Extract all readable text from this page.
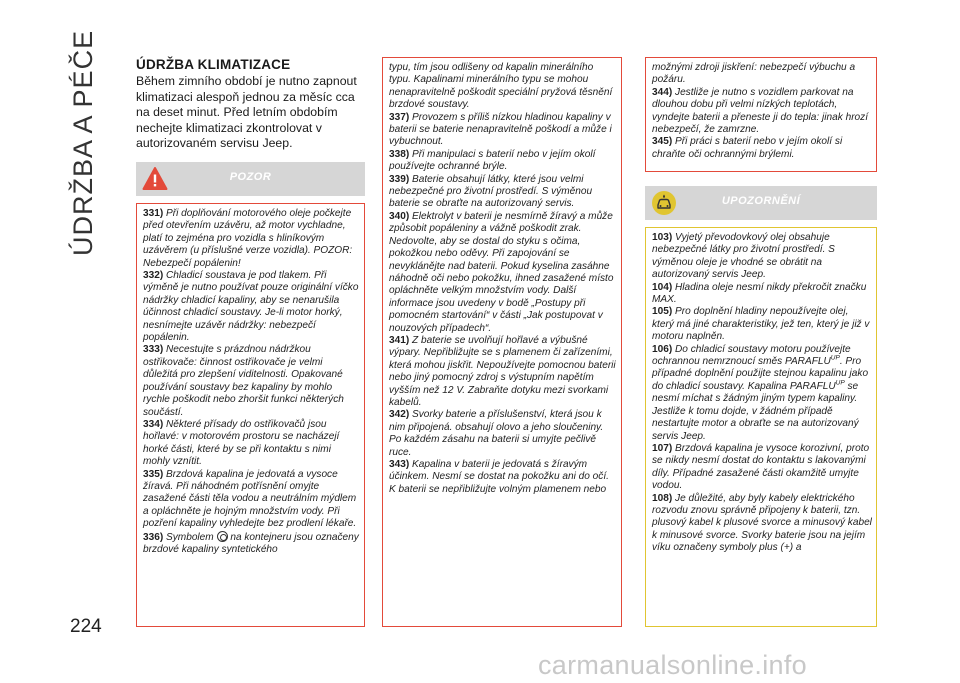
ÚDRŽBA A PÉČE
224
carmanualsonline.info
ÚDRŽBA KLIMATIZACE
Během zimního období je nutno zapnout klimatizaci alespoň jednou za měsíc cca na deset minut. Před letním obdobím nechejte klimatizaci zkontrolovat v autorizovaném servisu Jeep.
POZOR
331) Při doplňování motorového oleje počkejte před otevřením uzávěru, až motor vychladne, platí to zejména pro vozidla s hliníkovým uzávěrem (u příslušné verze vozidla). POZOR: Nebezpečí popálenin!
332) Chladicí soustava je pod tlakem. Při výměně je nutno používat pouze originální víčko nádržky chladicí kapaliny, aby se nenarušila účinnost chladicí soustavy. Je-li motor horký, nesnímejte uzávěr nádržky: nebezpečí popálenin.
333) Necestujte s prázdnou nádržkou ostřikovače: činnost ostřikovače je velmi důležitá pro zlepšení viditelnosti. Opakované používání soustavy bez kapaliny by mohlo rychle poškodit nebo zhoršit funkci některých součástí.
334) Některé přísady do ostřikovačů jsou hořlavé: v motorovém prostoru se nacházejí horké části, které by se při kontaktu s nimi mohly vznítit.
335) Brzdová kapalina je jedovatá a vysoce žíravá. Při náhodném potřísnění omyjte zasažené části těla vodou a neutrálním mýdlem a opláchněte je hojným množstvím vody. Při pozření kapaliny vyhledejte bez prodlení lékaře.
336) Symbolem na kontejneru jsou označeny brzdové kapaliny syntetického
typu, tím jsou odlišeny od kapalin minerálního typu. Kapalinami minerálního typu se mohou nenapravitelně poškodit speciální pryžová těsnění brzdové soustavy.
337) Provozem s příliš nízkou hladinou kapaliny v baterii se baterie nenapravitelně poškodí a může i vybuchnout.
338) Při manipulaci s baterií nebo v jejím okolí používejte ochranné brýle.
339) Baterie obsahují látky, které jsou velmi nebezpečné pro životní prostředí. S výměnou baterie se obraťte na autorizovaný servis.
340) Elektrolyt v baterii je nesmírně žíravý a může způsobit popáleniny a vážně poškodit zrak. Nedovolte, aby se dostal do styku s očima, pokožkou nebo oděvy. Při zapojování se nevyklánějte nad baterii. Pokud kyselina zasáhne náhodně oči nebo pokožku, ihned zasažené místo opláchněte velkým množstvím vody. Další informace jsou uvedeny v bodě „Postupy při pomocném startování“ v části „Jak postupovat v nouzových případech“.
341) Z baterie se uvolňují hořlavé a výbušné výpary. Nepřibližujte se s plamenem či zařízeními, která mohou jiskřit. Nepoužívejte pomocnou baterii nebo jiný pomocný zdroj s výstupním napětím vyšším než 12 V. Zabraňte dotyku mezi svorkami kabelů.
342) Svorky baterie a příslušenství, která jsou k nim připojená. obsahují olovo a jeho sloučeniny. Po každém zásahu na baterii si umyjte pečlivě ruce.
343) Kapalina v baterii je jedovatá s žíravým účinkem. Nesmí se dostat na pokožku ani do očí. K baterii se nepřibližujte volným plamenem nebo
možnými zdroji jiskření: nebezpečí výbuchu a požáru.
344) Jestliže je nutno s vozidlem parkovat na dlouhou dobu při velmi nízkých teplotách, vyndejte baterii a přeneste ji do tepla: jinak hrozí nebezpečí, že zamrzne.
345) Při práci s baterií nebo v jejím okolí si chraňte oči ochrannými brýlemi.
UPOZORNĚNÍ
103) Vyjetý převodovkový olej obsahuje nebezpečné látky pro životní prostředí. S výměnou oleje je vhodné se obrátit na autorizovaný servis Jeep.
104) Hladina oleje nesmí nikdy překročit značku MAX.
105) Pro doplnění hladiny nepoužívejte olej, který má jiné charakteristiky, jež ten, který je již v motoru naplněn.
106) Do chladicí soustavy motoru používejte ochrannou nemrznoucí směs $PARAFLU^{UP}$. Pro případné doplnění použijte stejnou kapalinu jako do chladicí soustavy. Kapalina $PARAFLU^{UP}$ se nesmí míchat s žádným jiným typem kapaliny. Jestliže k tomu dojde, v žádném případě nestartujte motor a obraťte se na autorizovaný servis Jeep.
107) Brzdová kapalina je vysoce korozivní, proto se nikdy nesmí dostat do kontaktu s lakovanými díly. Případné zasažené části okamžitě umyjte vodou.
108) Je důležité, aby byly kabely elektrického rozvodu znovu správně připojeny k baterii, tzn. plusový kabel k plusové svorce a minusový kabel k minusové svorce. Svorky baterie jsou na jejím víku označeny symboly plus (+) a
